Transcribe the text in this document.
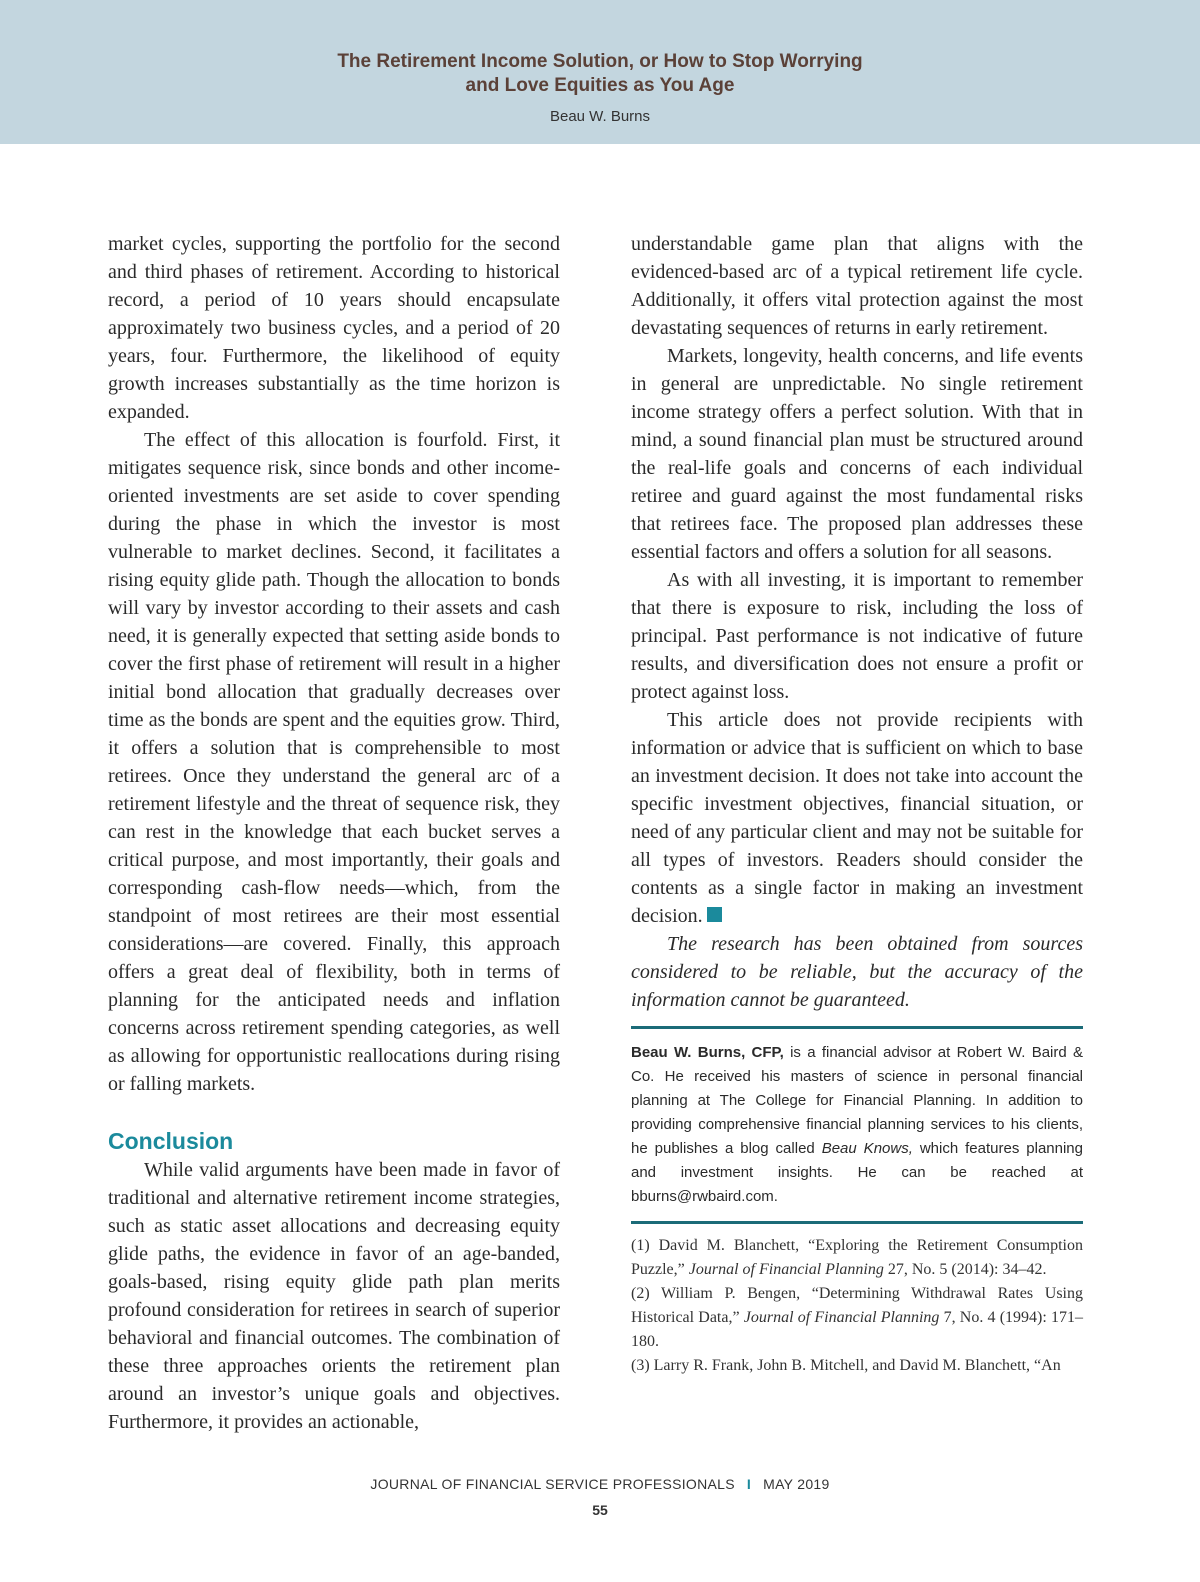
The Retirement Income Solution, or How to Stop Worrying
and Love Equities as You Age
Beau W. Burns

market cycles, supporting the portfolio for the second and third phases of retirement. According to historical record, a period of 10 years should encapsulate approximately two business cycles, and a period of 20 years, four. Furthermore, the likelihood of equity growth increases substantially as the time horizon is expanded.

The effect of this allocation is fourfold. First, it mitigates sequence risk, since bonds and other income-oriented investments are set aside to cover spending during the phase in which the investor is most vulnerable to market declines. Second, it facilitates a rising equity glide path. Though the allocation to bonds will vary by investor according to their assets and cash need, it is generally expected that setting aside bonds to cover the first phase of retirement will result in a higher initial bond allocation that gradually decreases over time as the bonds are spent and the equities grow. Third, it offers a solution that is comprehensible to most retirees. Once they understand the general arc of a retirement lifestyle and the threat of sequence risk, they can rest in the knowledge that each bucket serves a critical purpose, and most importantly, their goals and corresponding cash-flow needs—which, from the standpoint of most retirees are their most essential considerations—are covered. Finally, this approach offers a great deal of flexibility, both in terms of planning for the anticipated needs and inflation concerns across retirement spending categories, as well as allowing for opportunistic reallocations during rising or falling markets.

Conclusion

While valid arguments have been made in favor of traditional and alternative retirement income strategies, such as static asset allocations and decreasing equity glide paths, the evidence in favor of an age-banded, goals-based, rising equity glide path plan merits profound consideration for retirees in search of superior behavioral and financial outcomes. The combination of these three approaches orients the retirement plan around an investor’s unique goals and objectives. Furthermore, it provides an actionable,

understandable game plan that aligns with the evidenced-based arc of a typical retirement life cycle. Additionally, it offers vital protection against the most devastating sequences of returns in early retirement.

Markets, longevity, health concerns, and life events in general are unpredictable. No single retirement income strategy offers a perfect solution. With that in mind, a sound financial plan must be structured around the real-life goals and concerns of each individual retiree and guard against the most fundamental risks that retirees face. The proposed plan addresses these essential factors and offers a solution for all seasons.

As with all investing, it is important to remember that there is exposure to risk, including the loss of principal. Past performance is not indicative of future results, and diversification does not ensure a profit or protect against loss.

This article does not provide recipients with information or advice that is sufficient on which to base an investment decision. It does not take into account the specific investment objectives, financial situation, or need of any particular client and may not be suitable for all types of investors. Readers should consider the contents as a single factor in making an investment decision.

The research has been obtained from sources considered to be reliable, but the accuracy of the information cannot be guaranteed.

Beau W. Burns, CFP, is a financial advisor at Robert W. Baird & Co. He received his masters of science in personal financial planning at The College for Financial Planning. In addition to providing comprehensive financial planning services to his clients, he publishes a blog called Beau Knows, which features planning and investment insights. He can be reached at bburns@rwbaird.com.

(1) David M. Blanchett, “Exploring the Retirement Consumption Puzzle,” Journal of Financial Planning 27, No. 5 (2014): 34–42.

(2) William P. Bengen, “Determining Withdrawal Rates Using Historical Data,” Journal of Financial Planning 7, No. 4 (1994): 171–180.

(3) Larry R. Frank, John B. Mitchell, and David M. Blanchett, “An

JOURNAL OF FINANCIAL SERVICE PROFESSIONALS I MAY 2019
55
